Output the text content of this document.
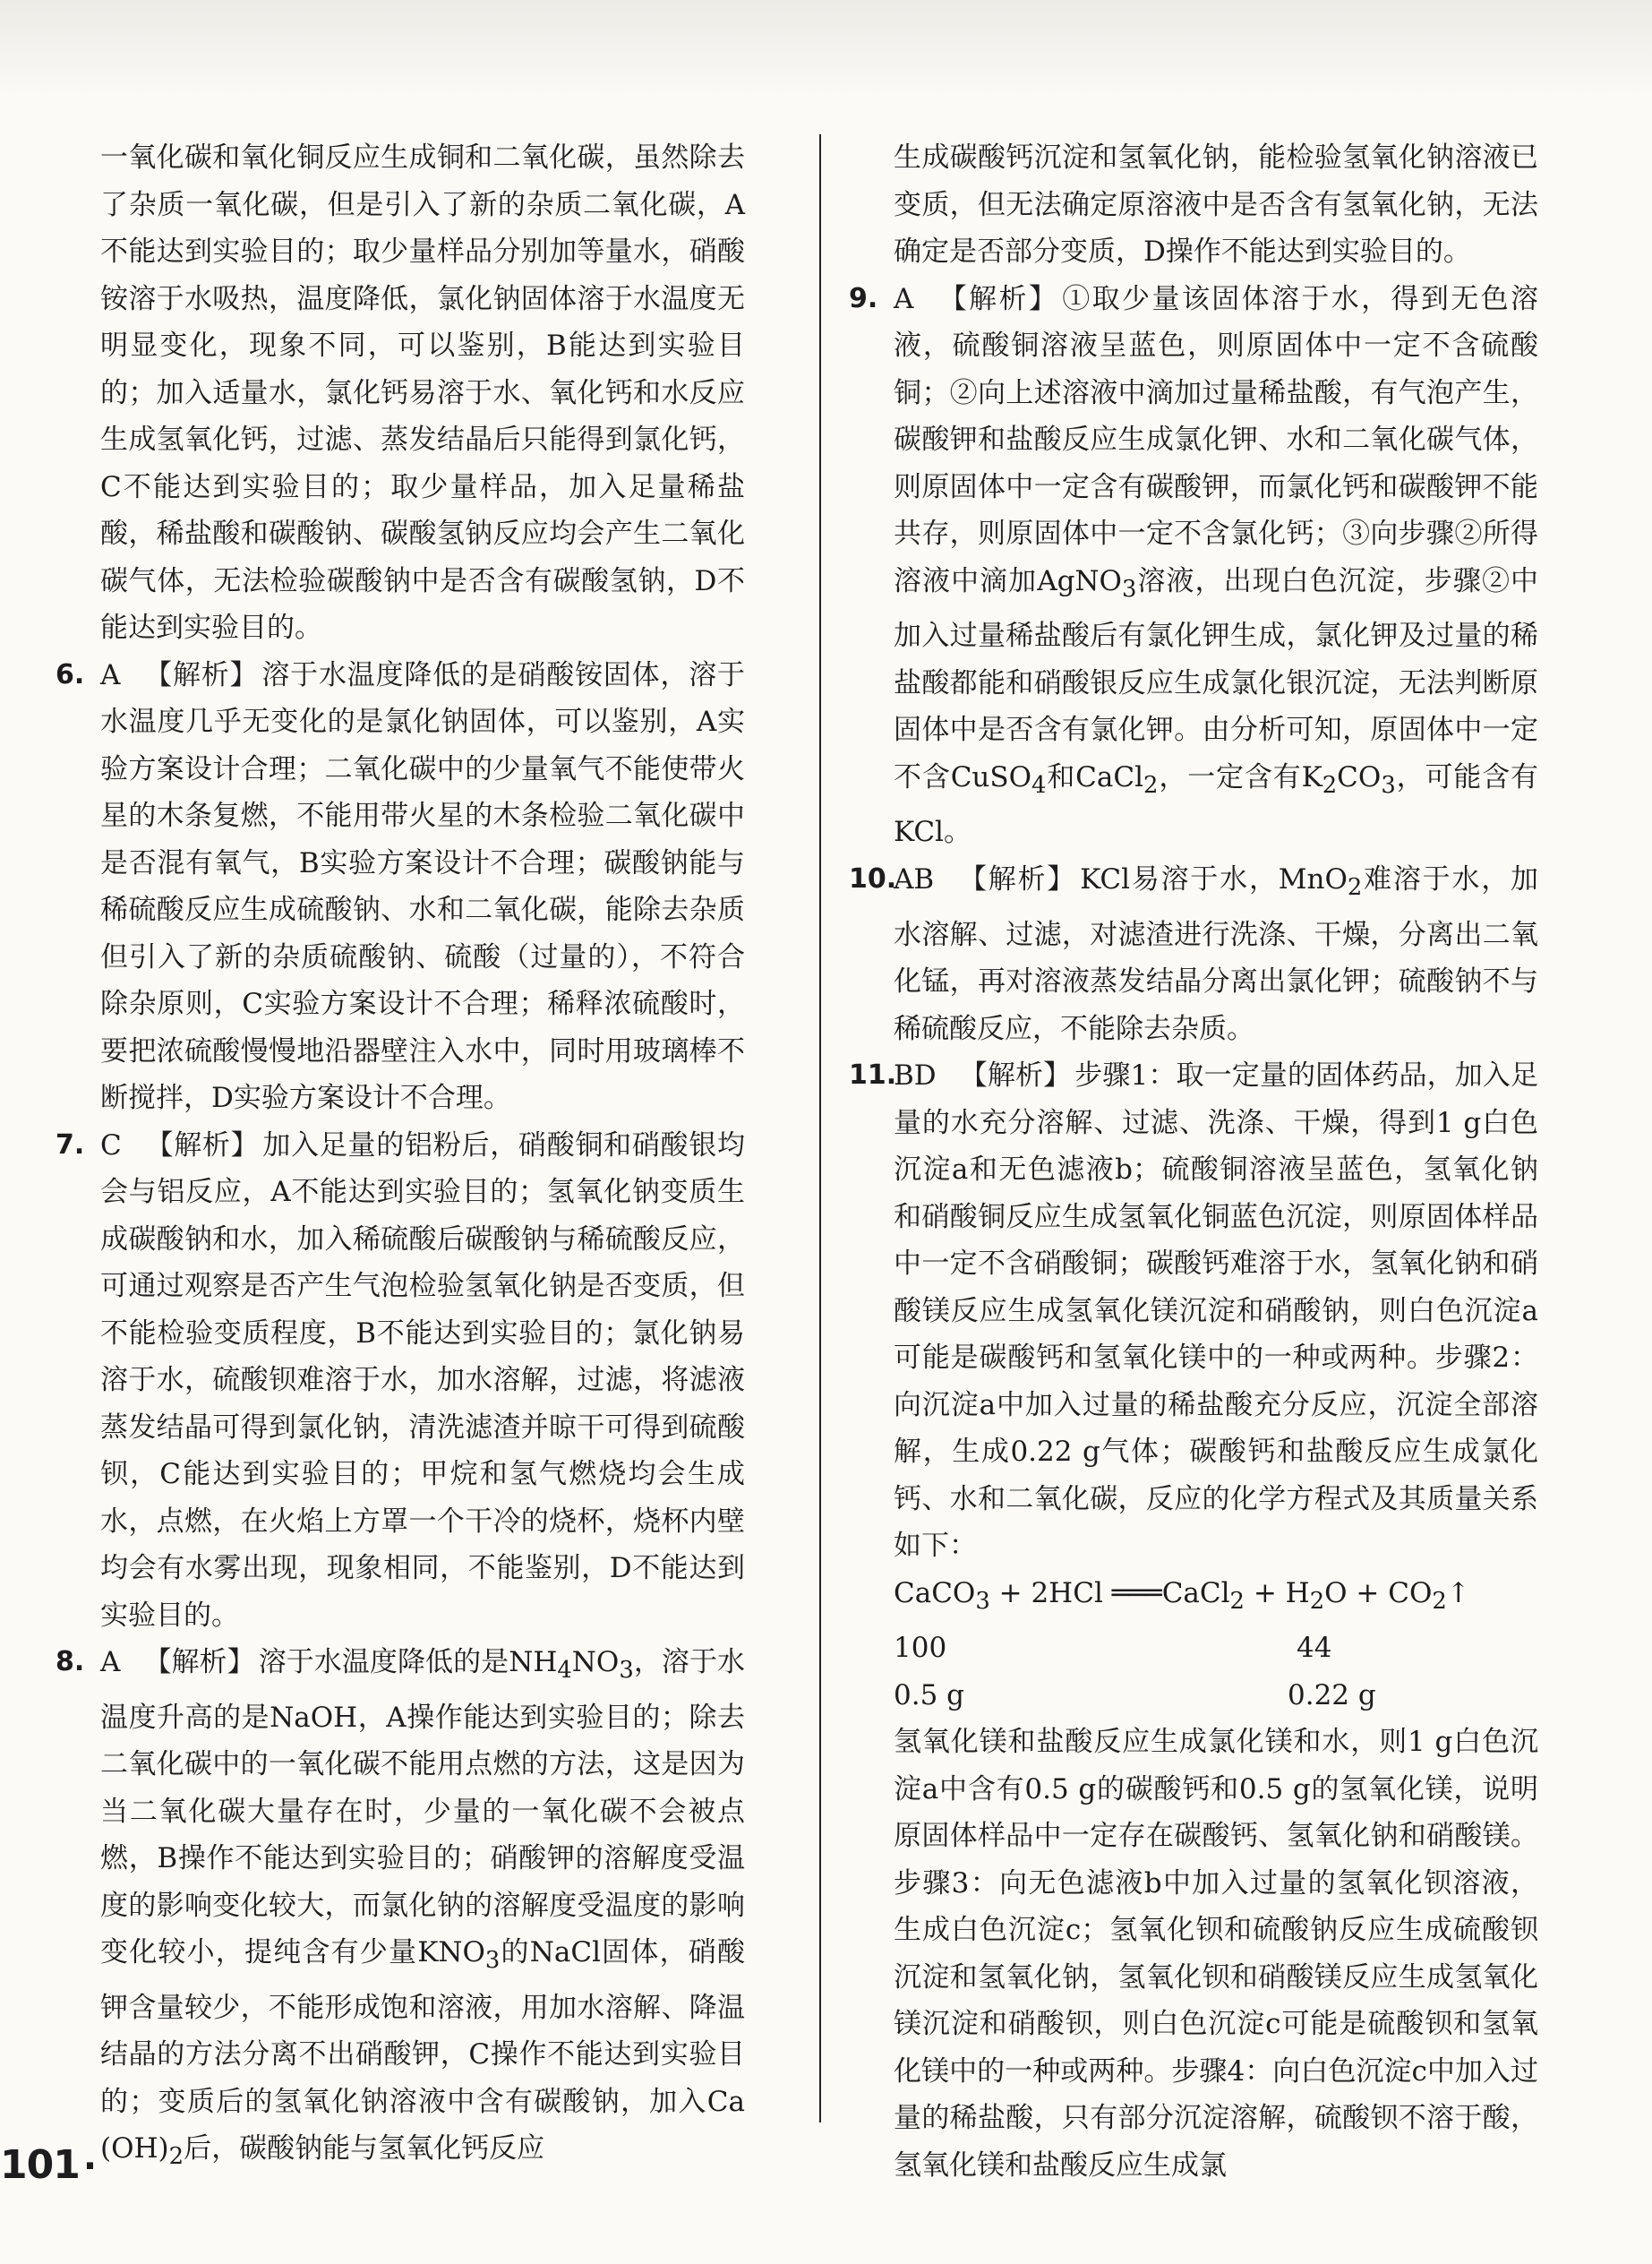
一氧化碳和氧化铜反应生成铜和二氧化碳，虽然除去了杂质一氧化碳，但是引入了新的杂质二氧化碳，A不能达到实验目的；取少量样品分别加等量水，硝酸铵溶于水吸热，温度降低，氯化钠固体溶于水温度无明显变化，现象不同，可以鉴别，B能达到实验目的；加入适量水，氯化钙易溶于水、氧化钙和水反应生成氢氧化钙，过滤、蒸发结晶后只能得到氯化钙，C不能达到实验目的；取少量样品，加入足量稀盐酸，稀盐酸和碳酸钠、碳酸氢钠反应均会产生二氧化碳气体，无法检验碳酸钠中是否含有碳酸氢钠，D不能达到实验目的。

6. A 【解析】 溶于水温度降低的是硝酸铵固体，溶于水温度几乎无变化的是氯化钠固体，可以鉴别，A实验方案设计合理；二氧化碳中的少量氧气不能使带火星的木条复燃，不能用带火星的木条检验二氧化碳中是否混有氧气，B实验方案设计不合理；碳酸钠能与稀硫酸反应生成硫酸钠、水和二氧化碳，能除去杂质但引入了新的杂质硫酸钠、硫酸（过量的），不符合除杂原则，C实验方案设计不合理；稀释浓硫酸时，要把浓硫酸慢慢地沿器壁注入水中，同时用玻璃棒不断搅拌，D实验方案设计不合理。

7. C 【解析】 加入足量的铝粉后，硝酸铜和硝酸银均会与铝反应，A不能达到实验目的；氢氧化钠变质生成碳酸钠和水，加入稀硫酸后碳酸钠与稀硫酸反应，可通过观察是否产生气泡检验氢氧化钠是否变质，但不能检验变质程度，B不能达到实验目的；氯化钠易溶于水，硫酸钡难溶于水，加水溶解，过滤，将滤液蒸发结晶可得到氯化钠，清洗滤渣并晾干可得到硫酸钡，C能达到实验目的；甲烷和氢气燃烧均会生成水，点燃，在火焰上方罩一个干冷的烧杯，烧杯内壁均会有水雾出现，现象相同，不能鉴别，D不能达到实验目的。

8. A 【解析】 溶于水温度降低的是$NH_4NO_3$，溶于水温度升高的是NaOH，A操作能达到实验目的；除去二氧化碳中的一氧化碳不能用点燃的方法，这是因为当二氧化碳大量存在时，少量的一氧化碳不会被点燃，B操作不能达到实验目的；硝酸钾的溶解度受温度的影响变化较大，而氯化钠的溶解度受温度的影响变化较小，提纯含有少量$KNO_3$的NaCl固体，硝酸钾含量较少，不能形成饱和溶液，用加水溶解、降温结晶的方法分离不出硝酸钾，C操作不能达到实验目的；变质后的氢氧化钠溶液中含有碳酸钠，加入$Ca(OH)_2$后，碳酸钠能与氢氧化钙反应

生成碳酸钙沉淀和氢氧化钠，能检验氢氧化钠溶液已变质，但无法确定原溶液中是否含有氢氧化钠，无法确定是否部分变质，D操作不能达到实验目的。

9. A 【解析】 ①取少量该固体溶于水，得到无色溶液，硫酸铜溶液呈蓝色，则原固体中一定不含硫酸铜；②向上述溶液中滴加过量稀盐酸，有气泡产生，碳酸钾和盐酸反应生成氯化钾、水和二氧化碳气体，则原固体中一定含有碳酸钾，而氯化钙和碳酸钾不能共存，则原固体中一定不含氯化钙；③向步骤②所得溶液中滴加AgNO$_3$溶液，出现白色沉淀，步骤②中加入过量稀盐酸后有氯化钾生成，氯化钾及过量的稀盐酸都能和硝酸银反应生成氯化银沉淀，无法判断原固体中是否含有氯化钾。由分析可知，原固体中一定不含CuSO$_4$和CaCl$_2$，一定含有$K_2CO_3$，可能含有KCl。

10.
AB 【解析】 KCl易溶于水，MnO$_2$难溶于水，加水溶解、过滤，对滤渣进行洗涤、干燥，分离出二氧化锰，再对溶液蒸发结晶分离出氯化钾；硫酸钠不与稀硫酸反应，不能除去杂质。

11.
BD 【解析】 步骤1：取一定量的固体药品，加入足量的水充分溶解、过滤、洗涤、干燥，得到1 g白色沉淀a和无色滤液b；硫酸铜溶液呈蓝色，氢氧化钠和硝酸铜反应生成氢氧化铜蓝色沉淀，则原固体样品中一定不含硝酸铜；碳酸钙难溶于水，氢氧化钠和硝酸镁反应生成氢氧化镁沉淀和硝酸钠，则白色沉淀a可能是碳酸钙和氢氧化镁中的一种或两种。步骤2：向沉淀a中加入过量的稀盐酸充分反应，沉淀全部溶解，生成0.22 g气体；碳酸钙和盐酸反应生成氯化钙、水和二氧化碳，反应的化学方程式及其质量关系如下：

CaCO$_3$ + 2HCl ═══CaCl$_2$ + $H_2O$ + $CO_2↑$
100	44
0.5 g	0.22 g

氢氧化镁和盐酸反应生成氯化镁和水，则1 g白色沉淀a中含有0.5 g的碳酸钙和0.5 g的氢氧化镁，说明原固体样品中一定存在碳酸钙、氢氧化钠和硝酸镁。步骤3：向无色滤液b中加入过量的氢氧化钡溶液，生成白色沉淀c；氢氧化钡和硫酸钠反应生成硫酸钡沉淀和氢氧化钠，氢氧化钡和硝酸镁反应生成氢氧化镁沉淀和硝酸钡，则白色沉淀c可能是硫酸钡和氢氧化镁中的一种或两种。步骤4：向白色沉淀c中加入过量的稀盐酸，只有部分沉淀溶解，硫酸钡不溶于酸，氢氧化镁和盐酸反应生成氯

101 ·
